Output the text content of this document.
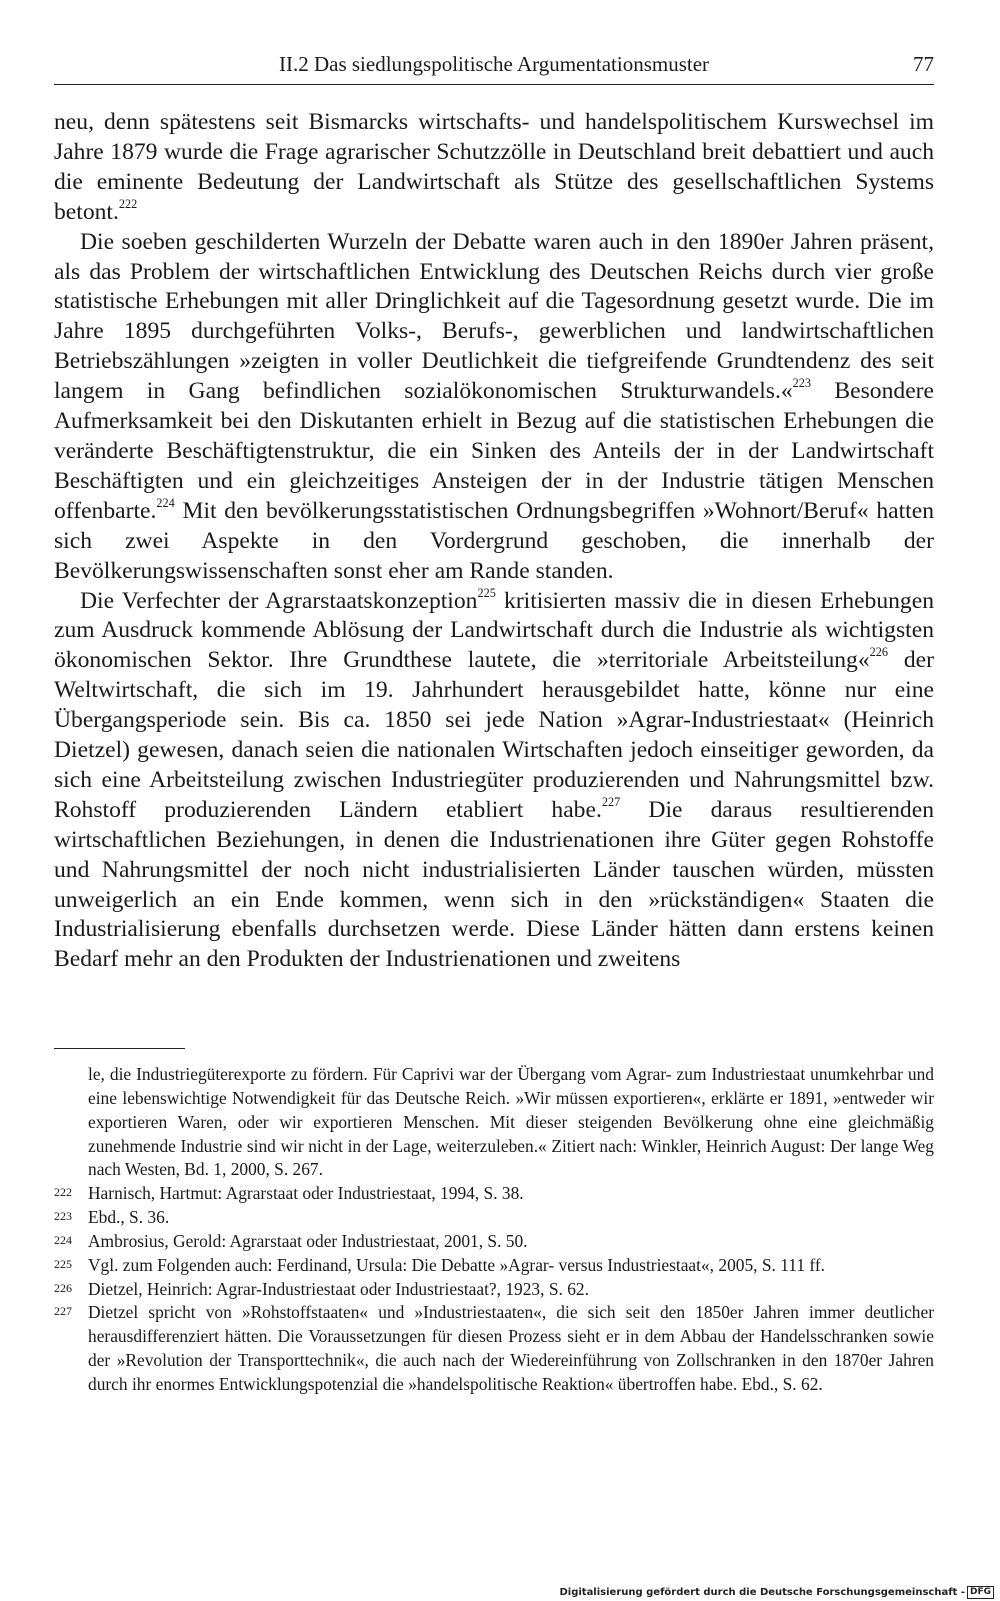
II.2 Das siedlungspolitische Argumentationsmuster	77

neu, denn spätestens seit Bismarcks wirtschafts- und handelspolitischem Kurswechsel im Jahre 1879 wurde die Frage agrarischer Schutzzölle in Deutschland breit debattiert und auch die eminente Bedeutung der Landwirtschaft als Stütze des gesellschaftlichen Systems betont.$^{222}$

Die soeben geschilderten Wurzeln der Debatte waren auch in den 1890er Jahren präsent, als das Problem der wirtschaftlichen Entwicklung des Deutschen Reichs durch vier große statistische Erhebungen mit aller Dringlichkeit auf die Tagesordnung gesetzt wurde. Die im Jahre 1895 durchgeführten Volks-, Berufs-, gewerblichen und landwirtschaftlichen Betriebszählungen »zeigten in voller Deutlichkeit die tiefgreifende Grundtendenz des seit langem in Gang befindlichen sozialökonomischen Strukturwandels.«$^{223}$ Besondere Aufmerksamkeit bei den Diskutanten erhielt in Bezug auf die statistischen Erhebungen die veränderte Beschäftigtenstruktur, die ein Sinken des Anteils der in der Landwirtschaft Beschäftigten und ein gleichzeitiges Ansteigen der in der Industrie tätigen Menschen offenbarte.$^{224}$ Mit den bevölkerungsstatistischen Ordnungsbegriffen »Wohnort/Beruf« hatten sich zwei Aspekte in den Vordergrund geschoben, die innerhalb der Bevölkerungswissenschaften sonst eher am Rande standen.

Die Verfechter der Agrarstaatskonzeption$^{225}$ kritisierten massiv die in diesen Erhebungen zum Ausdruck kommende Ablösung der Landwirtschaft durch die Industrie als wichtigsten ökonomischen Sektor. Ihre Grundthese lautete, die »territoriale Arbeitsteilung«$^{226}$ der Weltwirtschaft, die sich im 19. Jahrhundert herausgebildet hatte, könne nur eine Übergangsperiode sein. Bis ca. 1850 sei jede Nation »Agrar-Industriestaat« (Heinrich Dietzel) gewesen, danach seien die nationalen Wirtschaften jedoch einseitiger geworden, da sich eine Arbeitsteilung zwischen Industriegüter produzierenden und Nahrungsmittel bzw. Rohstoff produzierenden Ländern etabliert habe.$^{227}$ Die daraus resultierenden wirtschaftlichen Beziehungen, in denen die Industrienationen ihre Güter gegen Rohstoffe und Nahrungsmittel der noch nicht industrialisierten Länder tauschen würden, müssten unweigerlich an ein Ende kommen, wenn sich in den »rückständigen« Staaten die Industrialisierung ebenfalls durchsetzen werde. Diese Länder hätten dann erstens keinen Bedarf mehr an den Produkten der Industrienationen und zweitens

le, die Industriegüterexporte zu fördern. Für Caprivi war der Übergang vom Agrar- zum Industriestaat unumkehrbar und eine lebenswichtige Notwendigkeit für das Deutsche Reich. »Wir müssen exportieren«, erklärte er 1891, »entweder wir exportieren Waren, oder wir exportieren Menschen. Mit dieser steigenden Bevölkerung ohne eine gleichmäßig zunehmende Industrie sind wir nicht in der Lage, weiterzuleben.« Zitiert nach: Winkler, Heinrich August: Der lange Weg nach Westen, Bd. 1, 2000, S. 267.
222 Harnisch, Hartmut: Agrarstaat oder Industriestaat, 1994, S. 38.
223 Ebd., S. 36.
224 Ambrosius, Gerold: Agrarstaat oder Industriestaat, 2001, S. 50.
225 Vgl. zum Folgenden auch: Ferdinand, Ursula: Die Debatte »Agrar- versus Industriestaat«, 2005, S. 111 ff.
226 Dietzel, Heinrich: Agrar-Industriestaat oder Industriestaat?, 1923, S. 62.
227 Dietzel spricht von »Rohstoffstaaten« und »Industriestaaten«, die sich seit den 1850er Jahren immer deutlicher herausdifferenziert hätten. Die Voraussetzungen für diesen Prozess sieht er in dem Abbau der Handelsschranken sowie der »Revolution der Transporttechnik«, die auch nach der Wiedereinführung von Zollschranken in den 1870er Jahren durch ihr enormes Entwicklungspotenzial die »handelspolitische Reaktion« übertroffen habe. Ebd., S. 62.
Digitalisierung gefördert durch die Deutsche Forschungsgemeinschaft - DFG
